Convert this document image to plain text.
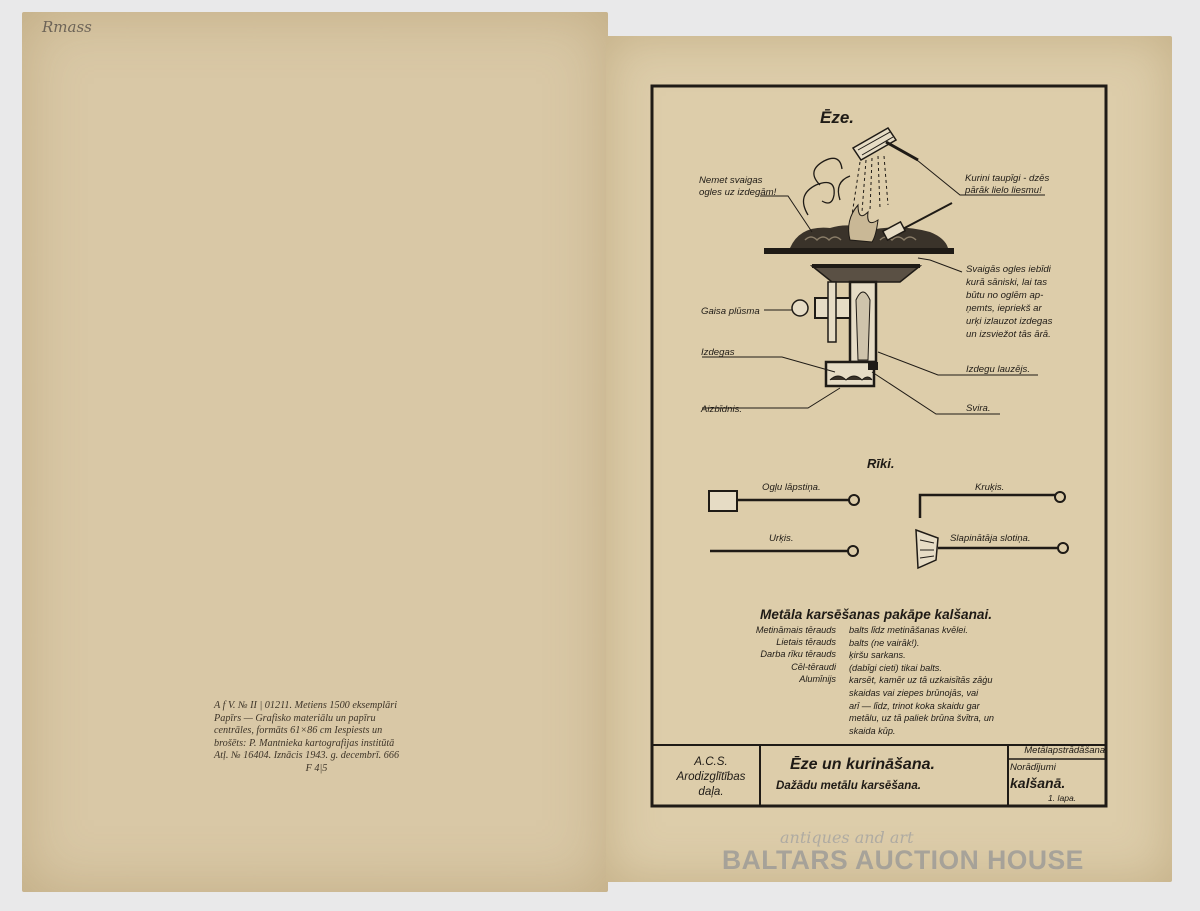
Rmass
A f V. № II | 01211. Metiens 1500 eksemplāri
Papīrs — Grafisko materiālu un papīru
centrāles, formāts 61×86 cm Iespiests un
brošēts: P. Mantnieka kartografijas institūtā
Atļ. № 16404. Iznācis 1943. g. decembrī. 666
F 4|5
Ēze.
Nemet svaigas
ogles uz izdegām!
Kurini taupīgi - dzēs
pārāk lielo liesmu!
Svaigās ogles iebīdi
kurā sāniski, lai tas
būtu no oglēm ap-
ņemts, iepriekš ar
urķi izlauzot izdegas
un izsviežot tās ārā.
Gaisa plūsma
Izdegas
Aizbīdnis.
Izdegu lauzējs.
Svira.
Rīki.
Ogļu lāpstiņa.	Kruķis.
Urķis.	Slapinātāja slotiņa.
Metāla karsēšanas pakāpe kalšanai.
Metināmais tērauds
Lietais tērauds
Darba rīku tērauds
Cēl-tēraudi
Alumīnijs
balts līdz metināšanas kvēlei.
balts (ne vairāk!).
ķiršu sarkans.
(dabīgi cieti) tikai balts.
karsēt, kamēr uz tā uzkaisītās zāģu
skaidas vai ziepes brūnojās, vai
arī — līdz, trinot koka skaidu gar
metālu, uz tā paliek brūna švītra, un
skaida kūp.
A.C.S.
Arodizglītības
daļa.
Ēze un kurināšana.
Dažādu metālu karsēšana.
Metālapstrādāšana.
Norādījumi
kalšanā.
1. lapa.
antiques and art
BALTARS AUCTION HOUSE
